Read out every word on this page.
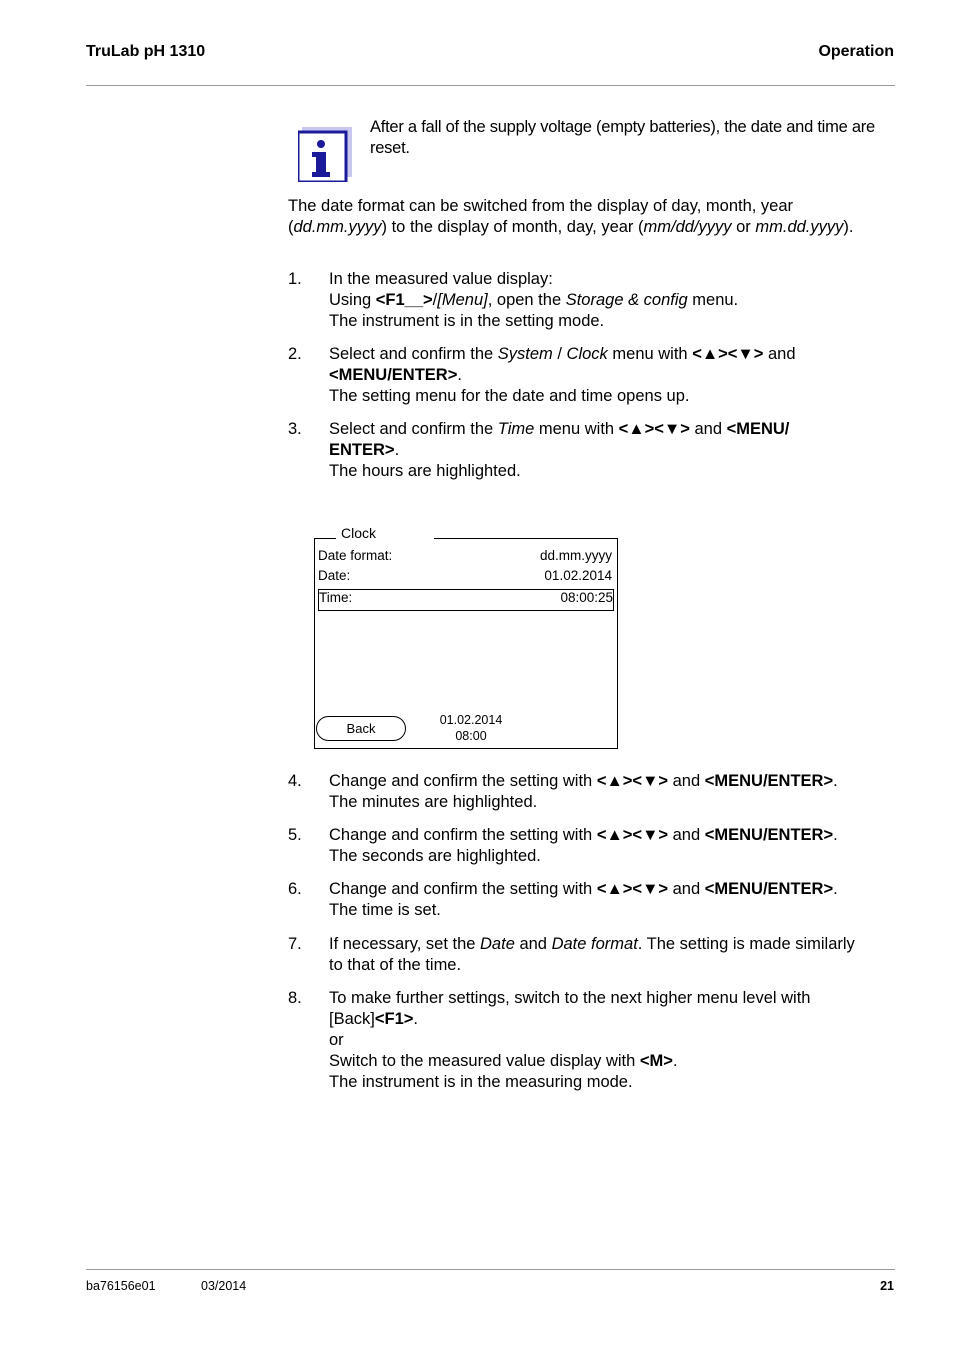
TruLab pH 1310	Operation
After a fall of the supply voltage (empty batteries), the date and time are reset.
The date format can be switched from the display of day, month, year
(dd.mm.yyyy) to the display of month, day, year (mm/dd/yyyy or mm.dd.yyyy).
1.	In the measured value display:
Using <F1__>/[Menu], open the Storage & config menu.
The instrument is in the setting mode.
2.	Select and confirm the System / Clock menu with <▲><▼> and
<MENU/ENTER>.
The setting menu for the date and time opens up.
3.	Select and confirm the Time menu with <▲><▼> and <MENU/
ENTER>.
The hours are highlighted.
Date format:	dd.mm.yyyy
Date:	01.02.2014
Time:	08:00:25
Clock
Back
01.02.2014
08:00
4.	Change and confirm the setting with <▲><▼> and <MENU/ENTER>.
The minutes are highlighted.
5.	Change and confirm the setting with <▲><▼> and <MENU/ENTER>.
The seconds are highlighted.
6.	Change and confirm the setting with <▲><▼> and <MENU/ENTER>.
The time is set.
7.	If necessary, set the Date and Date format. The setting is made similarly
to that of the time.
8.	To make further settings, switch to the next higher menu level with
[Back]<F1>.
or
Switch to the measured value display with <M>.
The instrument is in the measuring mode.
ba76156e01	03/2014	21
